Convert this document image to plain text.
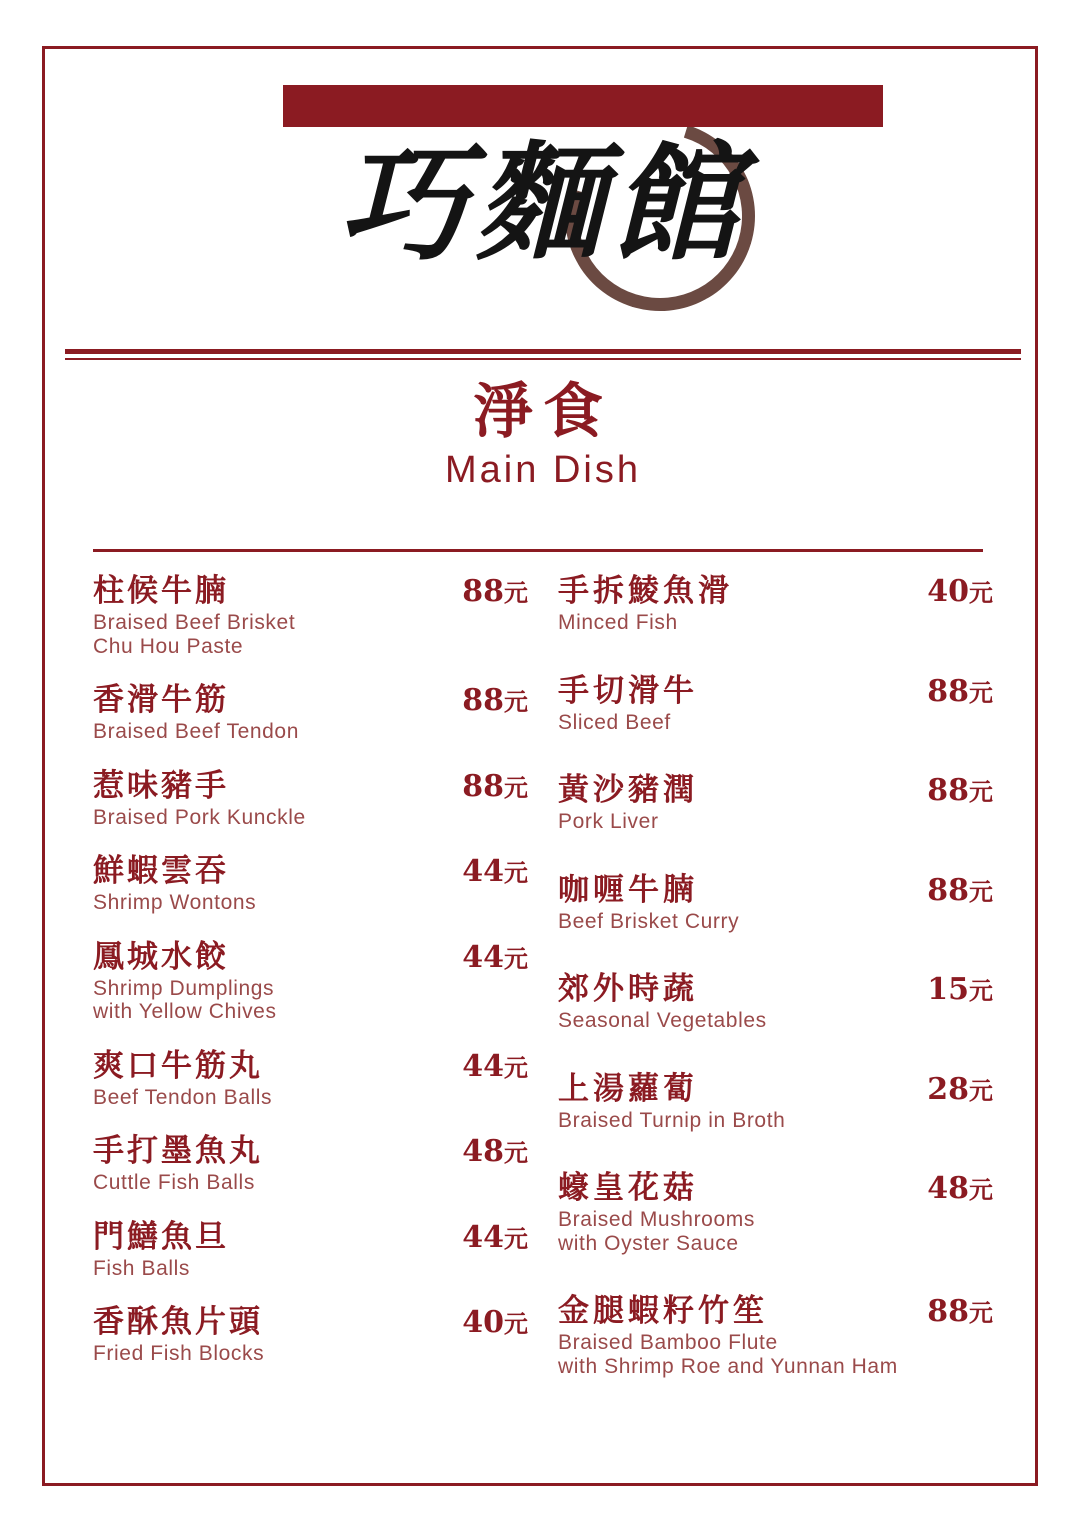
巧麵館
淨食
Main Dish
柱候牛腩	88元
Braised Beef Brisket
Chu Hou Paste
香滑牛筋	88元
Braised Beef Tendon
惹味豬手	88元
Braised Pork Kunckle
鮮蝦雲吞	44元
Shrimp Wontons
鳳城水餃	44元
Shrimp Dumplings
with Yellow Chives
爽口牛筋丸	44元
Beef Tendon Balls
手打墨魚丸	48元
Cuttle Fish Balls
門鱔魚旦	44元
Fish Balls
香酥魚片頭	40元
Fried Fish Blocks
手拆鯪魚滑	40元
Minced Fish
手切滑牛	88元
Sliced Beef
黃沙豬潤	88元
Pork Liver
咖喱牛腩	88元
Beef Brisket Curry
郊外時蔬	15元
Seasonal Vegetables
上湯蘿蔔	28元
Braised Turnip in Broth
蠔皇花菇	48元
Braised Mushrooms
with Oyster Sauce
金腿蝦籽竹笙	88元
Braised Bamboo Flute
with Shrimp Roe and Yunnan Ham
